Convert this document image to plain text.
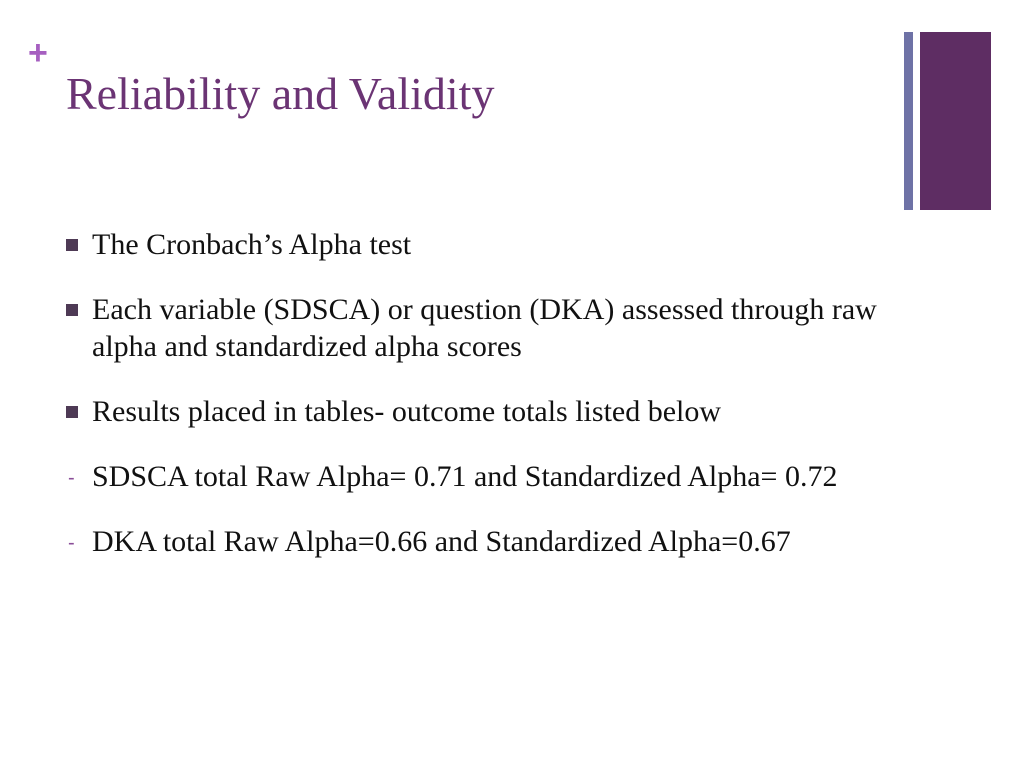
+
Reliability and Validity
The Cronbach’s Alpha test
Each variable (SDSCA) or question (DKA) assessed through raw alpha and standardized alpha scores
Results placed in tables- outcome totals listed below
- SDSCA total Raw Alpha= 0.71 and Standardized Alpha= 0.72
- DKA total Raw Alpha=0.66 and Standardized Alpha=0.67
